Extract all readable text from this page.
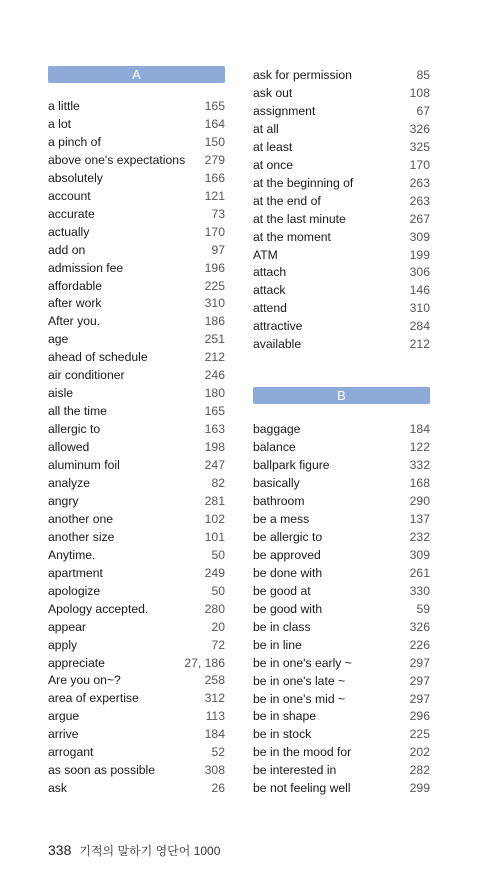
A
a little	165
a lot	164
a pinch of	150
above one's expectations	279
absolutely	166
account	121
accurate	73
actually	170
add on	97
admission fee	196
affordable	225
after work	310
After you.	186
age	251
ahead of schedule	212
air conditioner	246
aisle	180
all the time	165
allergic to	163
allowed	198
aluminum foil	247
analyze	82
angry	281
another one	102
another size	101
Anytime.	50
apartment	249
apologize	50
Apology accepted.	280
appear	20
apply	72
appreciate	27, 186
Are you on~?	258
area of expertise	312
argue	113
arrive	184
arrogant	52
as soon as possible	308
ask	26
ask for permission	85
ask out	108
assignment	67
at all	326
at least	325
at once	170
at the beginning of	263
at the end of	263
at the last minute	267
at the moment	309
ATM	199
attach	306
attack	146
attend	310
attractive	284
available	212
B
baggage	184
balance	122
ballpark figure	332
basically	168
bathroom	290
be a mess	137
be allergic to	232
be approved	309
be done with	261
be good at	330
be good with	59
be in class	326
be in line	226
be in one's early ~	297
be in one's late ~	297
be in one's mid ~	297
be in shape	296
be in stock	225
be in the mood for	202
be interested in	282
be not feeling well	299
338 기적의 말하기 영단어 1000
